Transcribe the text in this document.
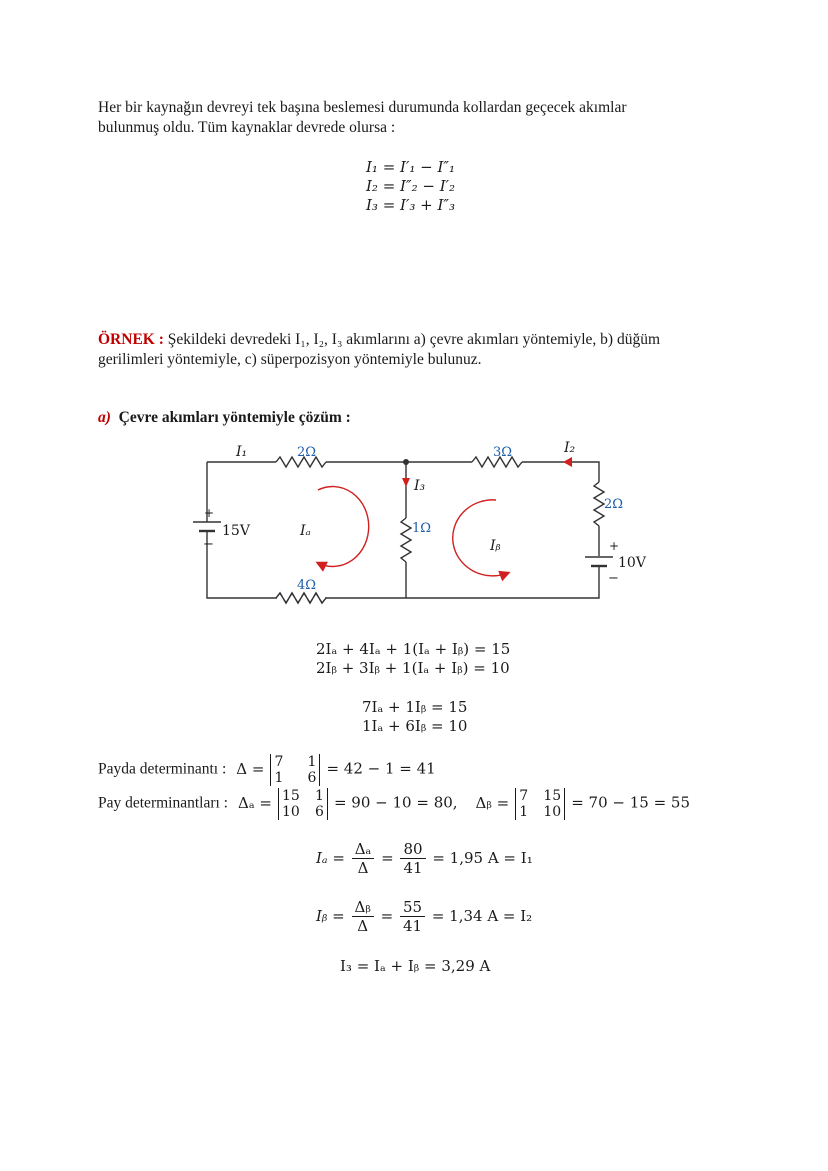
Her bir kaynağın devreyi tek başına beslemesi durumunda kollardan geçecek akımlar
bulunmuş oldu. Tüm kaynaklar devrede olursa :
I₁ = I′₁ − I″₁
I₂ = I″₂ − I′₂
I₃ = I′₃ + I″₃
ÖRNEK : Şekildeki devredeki I₁, I₂, I₃ akımlarını a) çevre akımları yöntemiyle, b) düğüm
gerilimleri yöntemiyle, c) süperpozisyon yöntemiyle bulunuz.
a) Çevre akımları yöntemiyle çözüm :
I₁	2Ω	3Ω	I₂
I₃
2Ω
+
−
15V	Iₐ	1Ω
Iᵦ	+
−
10V
4Ω
2Iₐ + 4Iₐ + 1(Iₐ + Iᵦ) = 15
2Iᵦ + 3Iᵦ + 1(Iₐ + Iᵦ) = 10
7Iₐ + 1Iᵦ = 15
1Iₐ + 6Iᵦ = 10
Payda determinantı : Δ = 7 1
1 6
= 42 − 1 = 41
Pay determinantları : Δₐ = 15 1
10 6
= 90 − 10 = 80, Δᵦ = 7 15
1 10
= 70 − 15 = 55
$I_a = \frac{\text{Δₐ}}{\Delta} = \frac{80}{41} = 1,95$ A = I₁
Iᵦ = $\frac{\text{Δᵦ}}{\Delta} = \frac{55}{41} = 1,34$ A = I₂
I₃ = Iₐ + Iᵦ = 3,29 A
